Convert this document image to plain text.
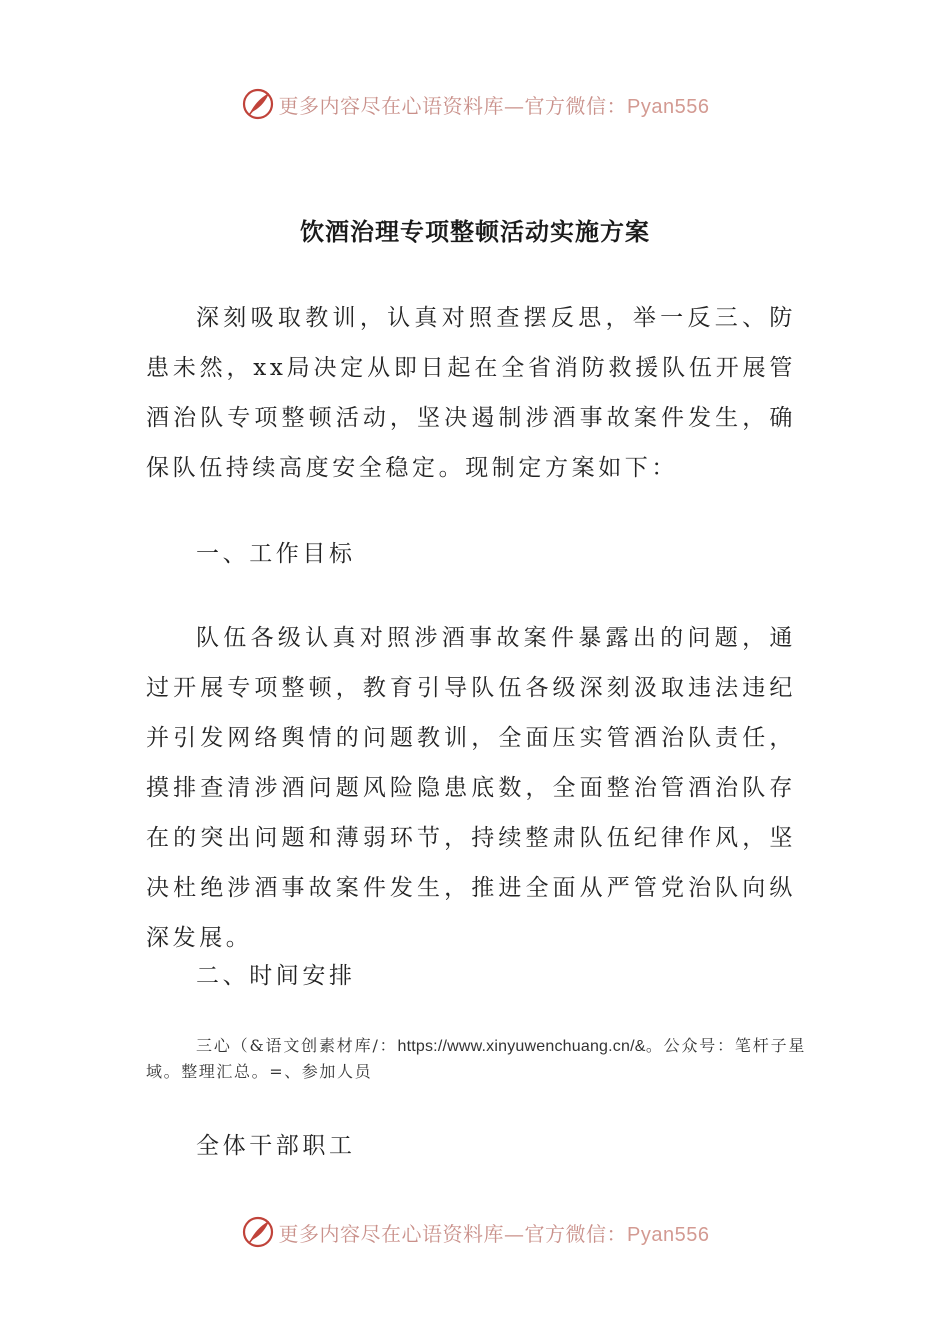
更多内容尽在心语资料库—官方微信：Pyan556
饮酒治理专项整顿活动实施方案

深刻吸取教训，认真对照查摆反思，举一反三、防患未然，xx局决定从即日起在全省消防救援队伍开展管酒治队专项整顿活动，坚决遏制涉酒事故案件发生，确保队伍持续高度安全稳定。现制定方案如下：

一、工作目标

队伍各级认真对照涉酒事故案件暴露出的问题，通过开展专项整顿，教育引导队伍各级深刻汲取违法违纪并引发网络舆情的问题教训，全面压实管酒治队责任，摸排查清涉酒问题风险隐患底数，全面整治管酒治队存在的突出问题和薄弱环节，持续整肃队伍纪律作风，坚决杜绝涉酒事故案件发生，推进全面从严管党治队向纵深发展。

二、时间安排

三心（&语文创素材库/：https://www.xinyuwenchuang.cn/&。公众号：笔杆子星域。整理汇总。=、参加人员

全体干部职工

更多内容尽在心语资料库—官方微信：Pyan556
